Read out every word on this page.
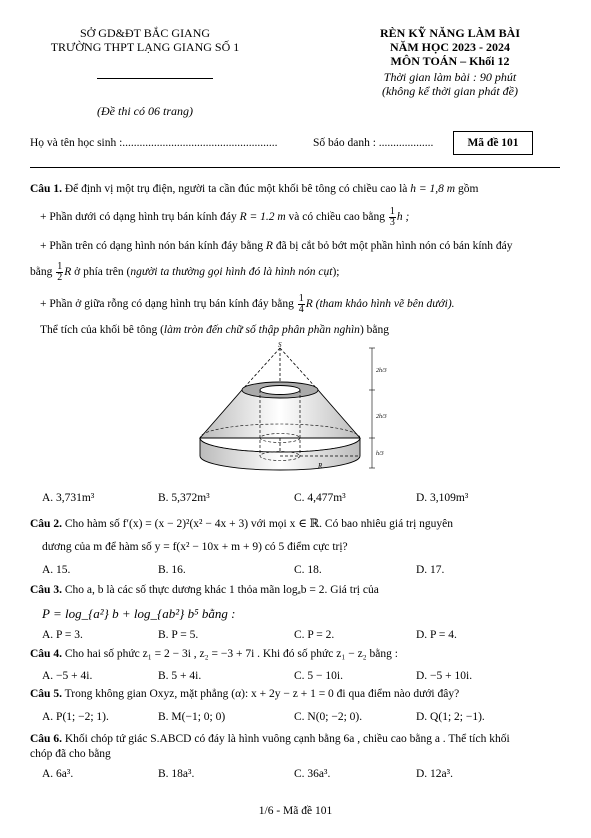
SỞ GD&ĐT BẮC GIANG
TRƯỜNG THPT LẠNG GIANG SỐ 1
(Đề thi có 06 trang)
RÈN KỸ NĂNG LÀM BÀI
NĂM HỌC 2023 - 2024
MÔN TOÁN – Khối 12
Thời gian làm bài : 90 phút
(không kể thời gian phát đề)
Họ và tên học sinh :......................................................	Số báo danh : ...................	Mã đề 101
Câu 1. Để định vị một trụ điện, người ta cần đúc một khối bê tông có chiều cao là h = 1,8 m gồm
+ Phần dưới có dạng hình trụ bán kính đáy R = 1.2 m và có chiều cao bằng $\frac{1}{3}$ h ;
+ Phần trên có dạng hình nón bán kính đáy bằng R đã bị cắt bỏ bớt một phần hình nón có bán kính đáy
bằng $\frac{1}{2}$ R ở phía trên (người ta thường gọi hình đó là hình nón cụt);
+ Phần ở giữa rỗng có dạng hình trụ bán kính đáy bằng $\frac{1}{4}$ R (tham khảo hình vẽ bên dưới).
Thể tích của khối bê tông (làm tròn đến chữ số thập phân phần nghìn) bằng
S
R
2h/3
2h/3
h/3
A. 3,731m³	B. 5,372m³	C. 4,477m³	D. 3,109m³
Câu 2. Cho hàm số f′(x) = (x − 2)²(x² − 4x + 3) với mọi x ∈ ℝ. Có bao nhiêu giá trị nguyên
dương của m để hàm số y = f(x² − 10x + m + 9) có 5 điểm cực trị?
A. 15.	B. 16.	C. 18.	D. 17.
Câu 3. Cho a, b là các số thực dương khác 1 thỏa mãn logₐb = 2. Giá trị của
P = log_{a²} b + log_{ab²} b⁵ bằng :
A. P = 3.	B. P = 5.	C. P = 2.	D. P = 4.
Câu 4. Cho hai số phức z₁ = 2 − 3i , z₂ = −3 + 7i . Khi đó số phức z₁ − z₂ bằng :
A. −5 + 4i.	B. 5 + 4i.	C. 5 − 10i.	D. −5 + 10i.
Câu 5. Trong không gian Oxyz, mặt phẳng (α): x + 2y − z + 1 = 0 đi qua điểm nào dưới đây?
A. P(1; −2; 1).	B. M(−1; 0; 0)	C. N(0; −2; 0).	D. Q(1; 2; −1).
Câu 6. Khối chóp tứ giác S.ABCD có đáy là hình vuông cạnh bằng 6a , chiều cao bằng a . Thể tích khối
chóp đã cho bằng
A. 6a³.	B. 18a³.	C. 36a³.	D. 12a³.
1/6 - Mã đề 101
